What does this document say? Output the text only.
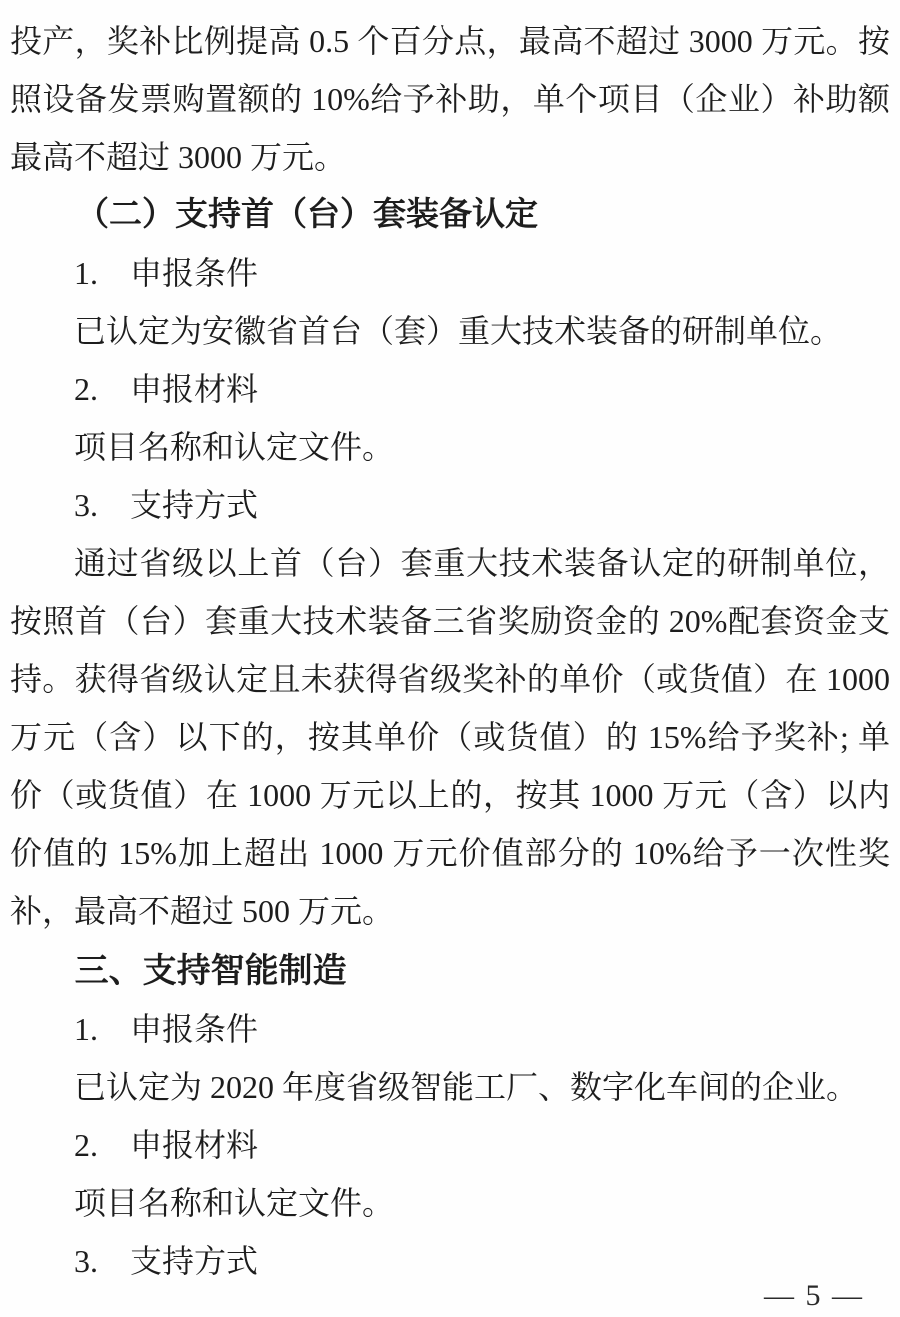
投产，奖补比例提高 0.5 个百分点，最高不超过 3000 万元。按照设备发票购置额的 10%给予补助，单个项目（企业）补助额最高不超过 3000 万元。

（二）支持首（台）套装备认定

1.　申报条件

已认定为安徽省首台（套）重大技术装备的研制单位。

2.　申报材料

项目名称和认定文件。

3.　支持方式

通过省级以上首（台）套重大技术装备认定的研制单位，按照首（台）套重大技术装备三省奖励资金的 20%配套资金支持。获得省级认定且未获得省级奖补的单价（或货值）在 1000 万元（含）以下的，按其单价（或货值）的 15%给予奖补; 单价（或货值）在 1000 万元以上的，按其 1000 万元（含）以内价值的 15%加上超出 1000 万元价值部分的 10%给予一次性奖补，最高不超过 500 万元。

三、支持智能制造

1.　申报条件

已认定为 2020 年度省级智能工厂、数字化车间的企业。

2.　申报材料

项目名称和认定文件。

3.　支持方式

— 5 —
